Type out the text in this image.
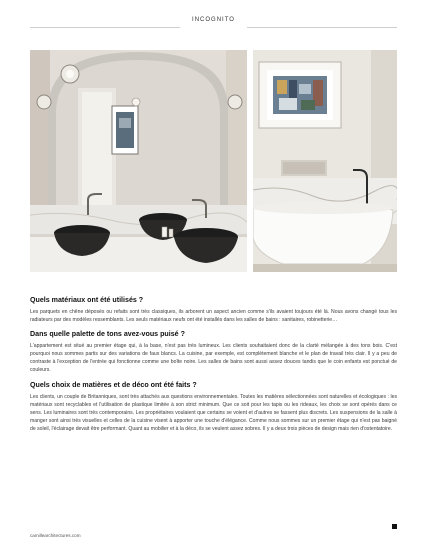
INCOGNITO
Quels matériaux ont été utilisés ?
Les parquets en chêne déposés ou refaits sont très classiques, ils arborent un aspect ancien comme s'ils avaient toujours été là. Nous avons changé tous les radiateurs par des modèles ressemblants. Les seuls matériaux neufs ont été installés dans les salles de bains : sanitaires, robinetterie…
Dans quelle palette de tons avez-vous puisé ?
L'appartement est situé au premier étage qui, à la base, n'est pas très lumineux. Les clients souhaitaient donc de la clarté mélangée à des tons bois. C'est pourquoi nous sommes partis sur des variations de faux blancs. La cuisine, par exemple, est complètement blanche et le plan de travail très clair. Il y a peu de contraste à l'exception de l'entrée qui fonctionne comme une boîte noire. Les salles de bains sont aussi assez douces tandis que le coin enfants est ponctué de couleurs.
Quels choix de matières et de déco ont été faits ?
Les clients, un couple de Britanniques, sont très attachés aux questions environnementales. Toutes les matières sélectionnées sont naturelles et écologiques : les matériaux sont recyclables et l'utilisation de plastique limitée à son strict minimum. Que ce soit pour les tapis ou les rideaux, les choix se sont opérés dans ce sens. Les luminaires sont très contemporains. Les propriétaires voulaient que certains se voient et d'autres se fassent plus discrets. Les suspensions de la salle à manger sont ainsi très visuelles et celles de la cuisine visent à apporter une touche d'élégance. Comme nous sommes sur un premier étage qui n'est pas baigné de soleil, l'éclairage devait être performant. Quant au mobilier et à la déco, ils se veulent assez sobres. Il y a deux trois pièces de design mais rien d'ostentatoire.
camillearchitectures.com
